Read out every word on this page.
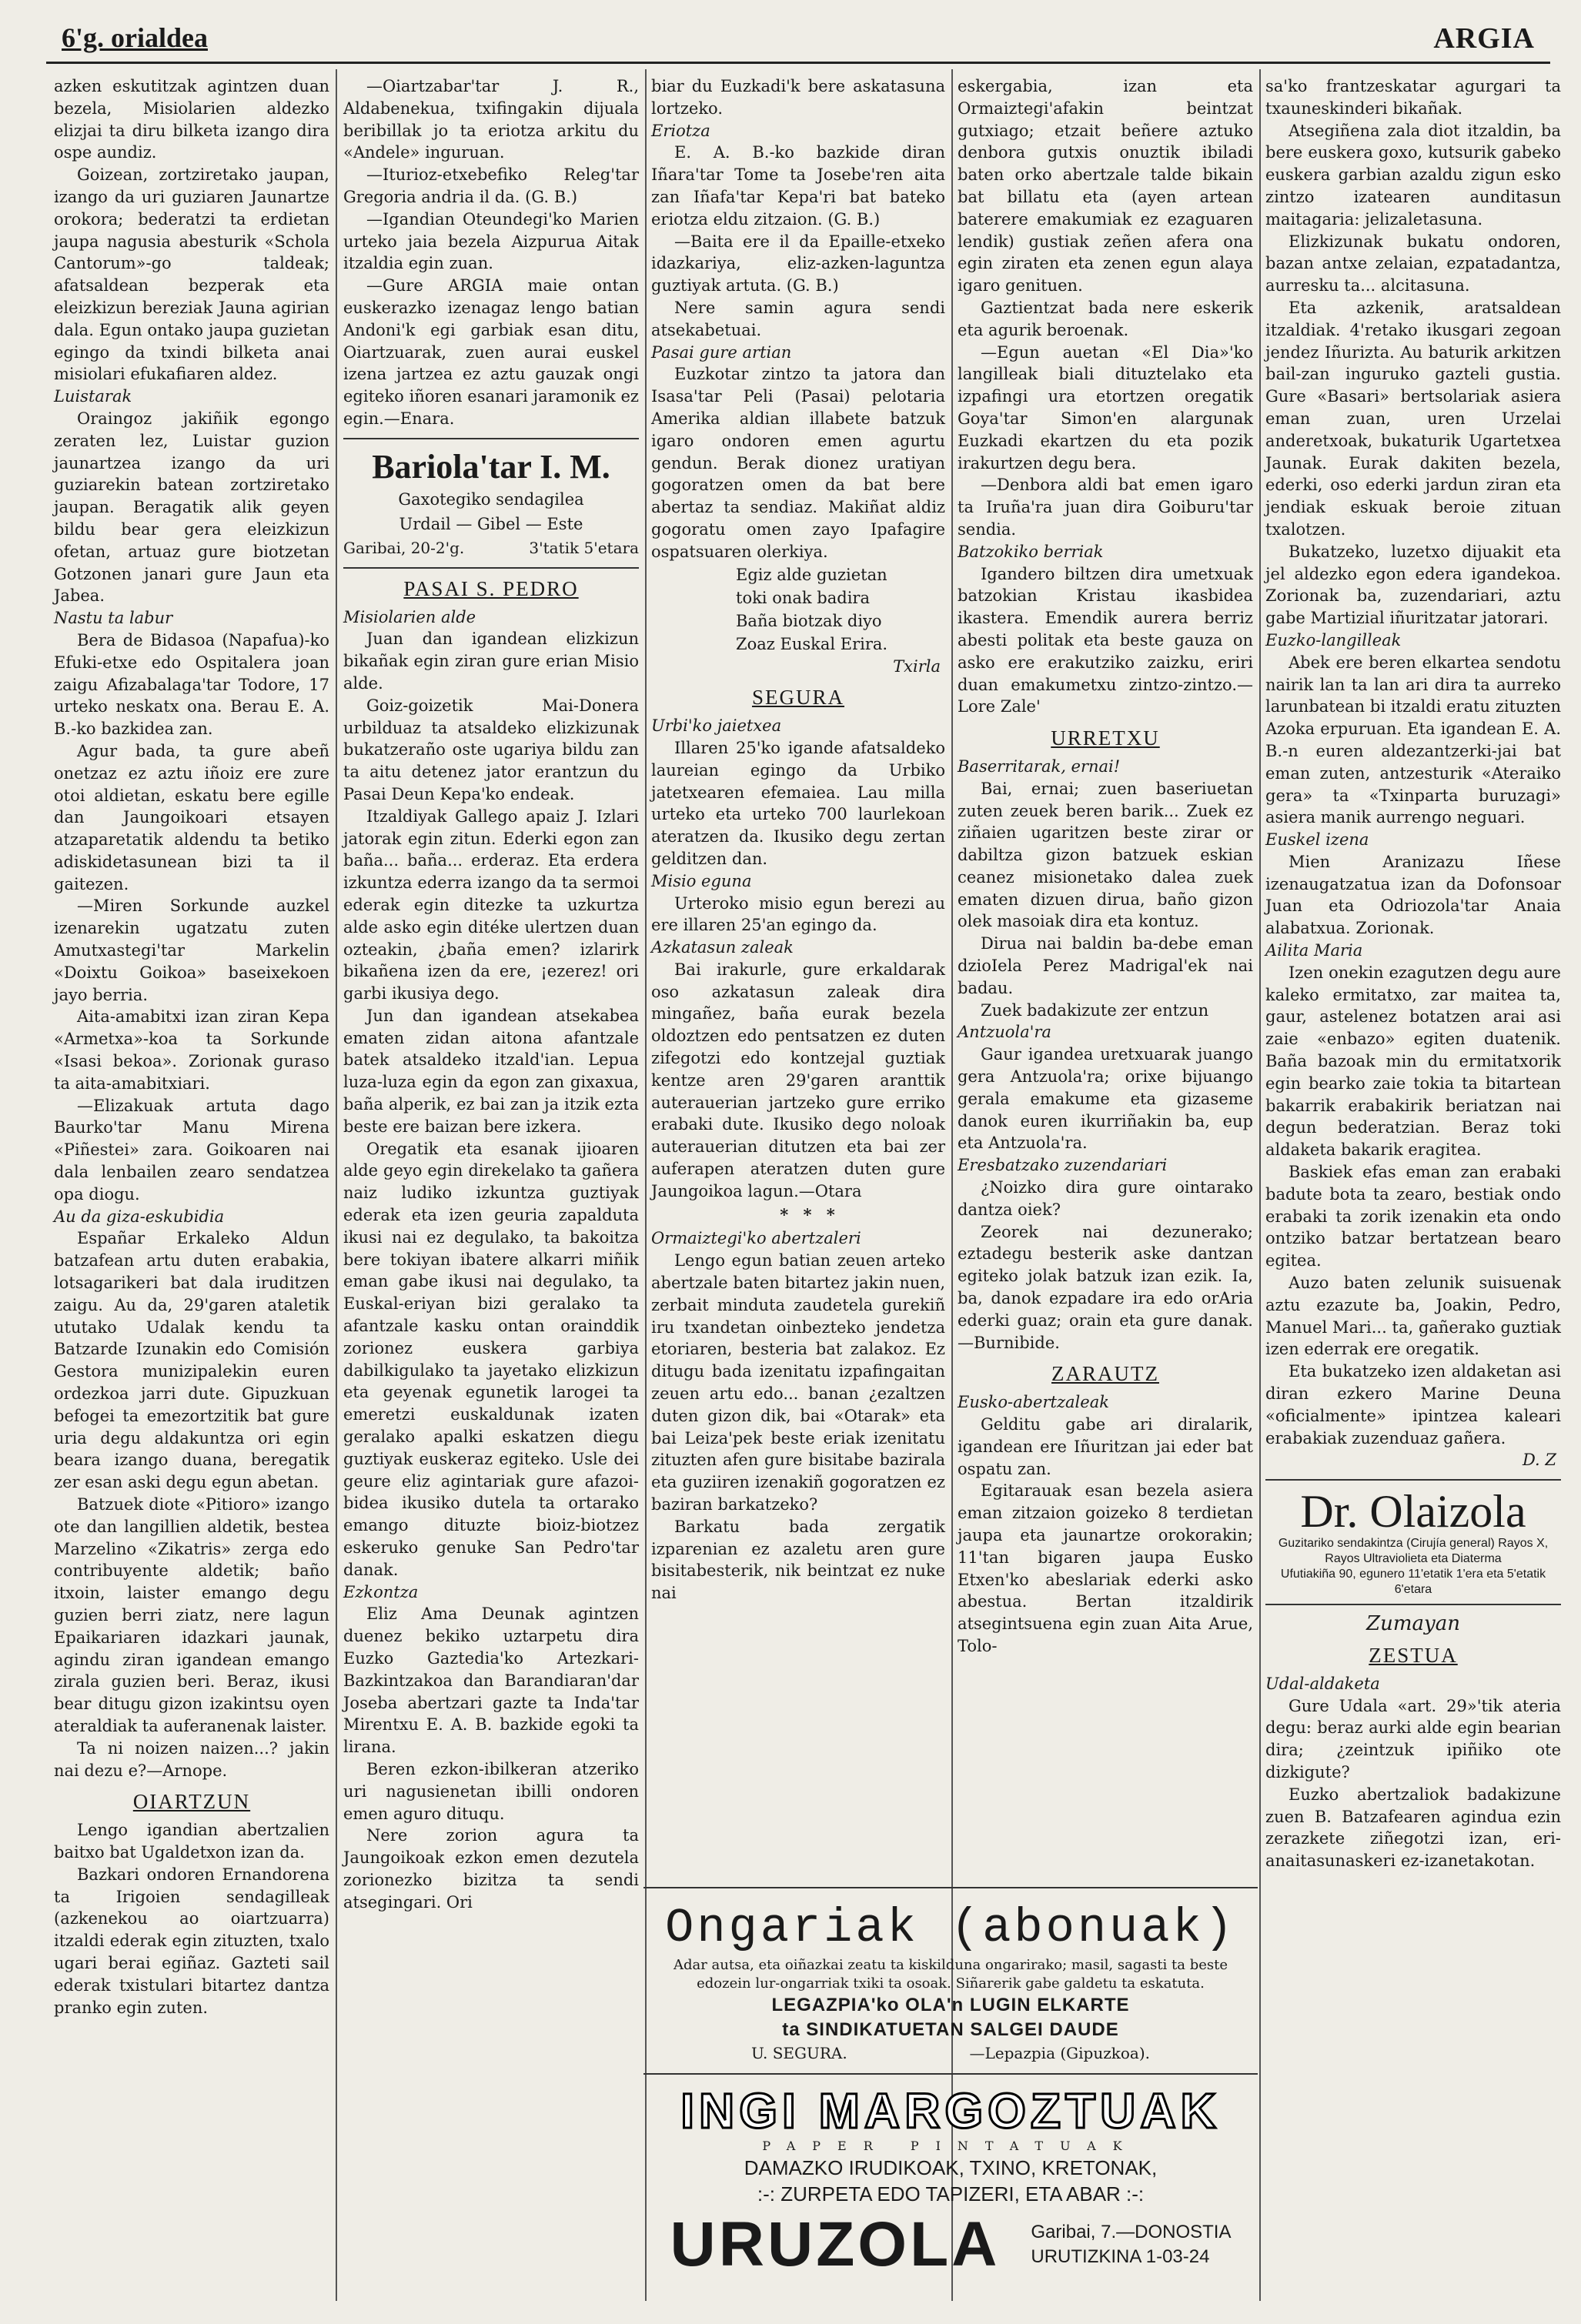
6'g. orialdea	ARGIA

azken eskutitzak agintzen duan bezela, Misiolarien aldezko elizjai ta diru bilketa izango dira ospe aundiz.

Goizean, zortziretako jaupan, izango da uri guziaren Jaunartze orokora; bederatzi ta erdietan jaupa nagusia abesturik «Schola Cantorum»-go taldeak; afatsaldean bezperak eta eleizkizun bereziak Jauna agirian dala. Egun ontako jaupa guzietan egingo da txindi bilketa anai misiolari efukafiaren aldez.

Luistarak

Oraingoz jakiñik egongo zeraten lez, Luistar guzion jaunartzea izango da uri guziarekin batean zortziretako jaupan. Beragatik alik geyen bildu bear gera eleizkizun ofetan, artuaz gure biotzetan Gotzonen janari gure Jaun eta Jabea.

Nastu ta labur

Bera de Bidasoa (Napafua)-ko Efuki-etxe edo Ospitalera joan zaigu Afizabalaga'tar Todore, 17 urteko neskatx ona. Berau E. A. B.-ko bazkidea zan.

Agur bada, ta gure abeñ onetzaz ez aztu iñoiz ere zure otoi aldietan, eskatu bere egille dan Jaungoikoari etsayen atzaparetatik aldendu ta betiko adiskidetasunean bizi ta il gaitezen.

—Miren Sorkunde auzkel izenarekin ugatzatu zuten Amutxastegi'tar Markelin «Doixtu Goikoa» baseixekoen jayo berria.

Aita-amabitxi izan ziran Kepa «Armetxa»-koa ta Sorkunde «Isasi bekoa». Zorionak guraso ta aita-amabitxiari.

—Elizakuak artuta dago Baurko'tar Manu Mirena «Piñestei» zara. Goikoaren nai dala lenbailen zearo sendatzea opa diogu.

Au da giza-eskubidia

Españar Erkaleko Aldun batzafean artu duten erabakia, lotsagarikeri bat dala iruditzen zaigu. Au da, 29'garen ataletik ututako Udalak kendu ta Batzarde Izunakin edo Comisión Gestora munizipalekin euren ordezkoa jarri dute. Gipuzkuan befogei ta emezortzitik bat gure uria degu aldakuntza ori egin beara izango duana, beregatik zer esan aski degu egun abetan.

Batzuek diote «Pitioro» izango ote dan langillien aldetik, bestea Marzelino «Zikatris» zerga edo contribuyente aldetik; baño itxoin, laister emango degu guzien berri ziatz, nere lagun Epaikariaren idazkari jaunak, agindu ziran igandean emango zirala guzien beri. Beraz, ikusi bear ditugu gizon izakintsu oyen ateraldiak ta auferanenak laister.

Ta ni noizen naizen...? jakin nai dezu e?—Arnope.

OIARTZUN

Lengo igandian abertzalien baitxo bat Ugaldetxon izan da.

Bazkari ondoren Ernandorena ta Irigoien sendagilleak (azkenekou ao oiartzuarra) itzaldi ederak egin zituzten, txalo ugari berai egiñaz. Gazteti sail ederak txistulari bitartez dantza pranko egin zuten.

—Oiartzabar'tar J. R., Aldabenekua, txifingakin dijuala beribillak jo ta eriotza arkitu du «Andele» inguruan.

—Iturioz-etxebefiko Releg'tar Gregoria andria il da. (G. B.)

—Igandian Oteundegi'ko Marien urteko jaia bezela Aizpurua Aitak itzaldia egin zuan.

—Gure ARGIA maie ontan euskerazko izenagaz lengo batian Andoni'k egi garbiak esan ditu, Oiartzuarak, zuen aurai euskel izena jartzea ez aztu gauzak ongi egiteko iñoren esanari jaramonik ez egin.—Enara.

Bariola'tar I. M.
Gaxotegiko sendagilea
Urdail — Gibel — Este
Garibai, 20-2'g.	3'tatik 5'etara
PASAI S. PEDRO

Misiolarien alde

Juan dan igandean elizkizun bikañak egin ziran gure erian Misio alde.

Goiz-goizetik Mai-Donera urbilduaz ta atsaldeko elizkizunak bukatzeraño oste ugariya bildu zan ta aitu detenez jator erantzun du Pasai Deun Kepa'ko endeak.

Itzaldiyak Gallego apaiz J. Izlari jatorak egin zitun. Ederki egon zan baña... baña... erderaz. Eta erdera izkuntza ederra izango da ta sermoi ederak egin ditezke ta uzkurtza alde asko egin ditéke ulertzen duan ozteakin, ¿baña emen? izlarirk bikañena izen da ere, ¡ezerez! ori garbi ikusiya dego.

Jun dan igandean atsekabea ematen zidan aitona afantzale batek atsaldeko itzald'ian. Lepua luza-luza egin da egon zan gixaxua, baña alperik, ez bai zan ja itzik ezta beste ere baizan bere izkera.

Oregatik eta esanak ijioaren alde geyo egin direkelako ta gañera naiz ludiko izkuntza guztiyak ederak eta izen geuria zapalduta ikusi nai ez degulako, ta bakoitza bere tokiyan ibatere alkarri miñik eman gabe ikusi nai degulako, ta Euskal-eriyan bizi geralako ta afantzale kasku ontan orainddik zorionez euskera garbiya dabilkigulako ta jayetako elizkizun eta geyenak egunetik larogei ta emeretzi euskaldunak izaten geralako apalki eskatzen diegu guztiyak euskeraz egiteko. Usle dei geure eliz agintariak gure afazoi-bidea ikusiko dutela ta ortarako emango dituzte bioiz-biotzez eskeruko genuke San Pedro'tar danak.

Ezkontza

Eliz Ama Deunak agintzen duenez bekiko uztarpetu dira Euzko Gaztedia'ko Artezkari-Bazkintzakoa dan Barandiaran'dar Joseba abertzari gazte ta Inda'tar Mirentxu E. A. B. bazkide egoki ta lirana.

Beren ezkon-ibilkeran atzeriko uri nagusienetan ibilli ondoren emen aguro dituqu.

Nere zorion agura ta Jaungoikoak ezkon emen dezutela zorionezko bizitza ta sendi atsegingari. Ori

biar du Euzkadi'k bere askatasuna lortzeko.

Eriotza

E. A. B.-ko bazkide diran Iñara'tar Tome ta Josebe'ren aita zan Iñafa'tar Kepa'ri bat bateko eriotza eldu zitzaion. (G. B.)

—Baita ere il da Epaille-etxeko idazkariya, eliz-azken-laguntza guztiyak artuta. (G. B.)

Nere samin agura sendi atsekabetuai.

Pasai gure artian

Euzkotar zintzo ta jatora dan Isasa'tar Peli (Pasai) pelotaria Amerika aldian illabete batzuk igaro ondoren emen agurtu gendun. Berak dionez uratiyan gogoratzen omen da bat bere abertaz ta sendiaz. Makiñat aldiz gogoratu omen zayo Ipafagire ospatsuaren olerkiya.

Egiz alde guzietan
toki onak badira
Baña biotzak diyo
Zoaz Euskal Erira.

Txirla

SEGURA

Urbi'ko jaietxea

Illaren 25'ko igande afatsaldeko laureian egingo da Urbiko jatetxearen efemaiea. Lau milla urteko eta urteko 700 laurlekoan ateratzen da. Ikusiko degu zertan gelditzen dan.

Misio eguna

Urteroko misio egun berezi au ere illaren 25'an egingo da.

Azkatasun zaleak

Bai irakurle, gure erkaldarak oso azkatasun zaleak dira mingañez, baña eurak bezela oldoztzen edo pentsatzen ez duten zifegotzi edo kontzejal guztiak kentze aren 29'garen aranttik auterauerian jartzeko gure erriko erabaki dute. Ikusiko dego noloak auterauerian ditutzen eta bai zer auferapen ateratzen duten gure Jaungoikoa lagun.—Otara

* * *

Ormaiztegi'ko abertzaleri

Lengo egun batian zeuen arteko abertzale baten bitartez jakin nuen, zerbait minduta zaudetela gurekiñ iru txandetan oinbezteko jendetza etoriaren, besteria bat zalakoz. Ez ditugu bada izenitatu izpafingaitan zeuen artu edo... banan ¿ezaltzen duten gizon dik, bai «Otarak» eta bai Leiza'pek beste eriak izenitatu zituzten afen gure bisitabe bazirala eta guziiren izenakiñ gogoratzen ez baziran barkatzeko?

Barkatu bada zergatik izparenian ez azaletu aren gure bisitabesterik, nik beintzat ez nuke nai

eskergabia, izan eta Ormaiztegi'afakin beintzat gutxiago; etzait beñere aztuko denbora gutxis onuztik ibiladi baten orko abertzale talde bikain bat billatu eta (ayen artean baterere emakumiak ez ezaguaren lendik) gustiak zeñen afera ona egin ziraten eta zenen egun alaya igaro genituen.

Gaztientzat bada nere eskerik eta agurik beroenak.

—Egun auetan «El Dia»'ko langilleak biali dituztelako eta izpafingi ura etortzen oregatik Goya'tar Simon'en alargunak Euzkadi ekartzen du eta pozik irakurtzen degu bera.

—Denbora aldi bat emen igaro ta Iruña'ra juan dira Goiburu'tar sendia.

Batzokiko berriak

Igandero biltzen dira umetxuak batzokian Kristau ikasbidea ikastera. Emendik aurera berriz abesti politak eta beste gauza on asko ere erakutziko zaizku, eriri duan emakumetxu zintzo-zintzo.—Lore Zale'

URRETXU

Baserritarak, ernai!

Bai, ernai; zuen baseriuetan zuten zeuek beren barik... Zuek ez ziñaien ugaritzen beste zirar or dabiltza gizon batzuek eskian ceanez misionetako dalea zuek ematen dizuen dirua, baño gizon olek masoiak dira eta kontuz.

Dirua nai baldin ba-debe eman dzioIela Perez Madrigal'ek nai badau.

Zuek badakizute zer entzun

Antzuola'ra

Gaur igandea uretxuarak juango gera Antzuola'ra; orixe bijuango gerala emakume eta gizaseme danok euren ikurriñakin ba, eup eta Antzuola'ra.

Eresbatzako zuzendariari

¿Noizko dira gure ointarako dantza oiek?

Zeorek nai dezunerako; eztadegu besterik aske dantzan egiteko jolak batzuk izan ezik. Ia, ba, danok ezpadare ira edo orAria ederki guaz; orain eta gure danak.—Burnibide.

ZARAUTZ

Eusko-abertzaleak

Gelditu gabe ari diralarik, igandean ere Iñuritzan jai eder bat ospatu zan.

Egitarauak esan bezela asiera eman zitzaion goizeko 8 terdietan jaupa eta jaunartze orokorakin; 11'tan bigaren jaupa Eusko Etxen'ko abeslariak ederki asko abestua. Bertan itzaldirik atsegintsuena egin zuan Aita Arue, Tolo-

sa'ko frantzeskatar agurgari ta txauneskinderi bikañak.

Atsegiñena zala diot itzaldin, ba bere euskera goxo, kutsurik gabeko euskera garbian azaldu zigun esko zintzo izatearen aunditasun maitagaria: jelizaletasuna.

Elizkizunak bukatu ondoren, bazan antxe zelaian, ezpatadantza, aurresku ta... alcitasuna.

Eta azkenik, aratsaldean itzaldiak. 4'retako ikusgari zegoan jendez Iñurizta. Au baturik arkitzen bail-zan inguruko gazteli gustia. Gure «Basari» bertsolariak asiera eman zuan, uren Urzelai anderetxoak, bukaturik Ugartetxea Jaunak. Eurak dakiten bezela, ederki, oso ederki jardun ziran eta jendiak eskuak beroie zituan txalotzen.

Bukatzeko, luzetxo dijuakit eta jel aldezko egon edera igandekoa. Zorionak ba, zuzendariari, aztu gabe Martizial iñuritzatar jatorari.

Euzko-langilleak

Abek ere beren elkartea sendotu nairik lan ta lan ari dira ta aurreko larunbatean bi itzaldi eratu zituzten Azoka erpuruan. Eta igandean E. A. B.-n euren aldezantzerki-jai bat eman zuten, antzesturik «Ateraiko gera» ta «Txinparta buruzagi» asiera manik aurrengo neguari.

Euskel izena

Mien Aranizazu Iñese izenaugatzatua izan da Dofonsoar Juan eta Odriozola'tar Anaia alabatxua. Zorionak.

Ailita Maria

Izen onekin ezagutzen degu aure kaleko ermitatxo, zar maitea ta, gaur, astelenez botatzen arai asi zaie «enbazo» egiten duatenik. Baña bazoak min du ermitatxorik egin bearko zaie tokia ta bitartean bakarrik erabakirik beriatzan nai degun bederatzian. Beraz toki aldaketa bakarik eragitea.

Baskiek efas eman zan erabaki badute bota ta zearo, bestiak ondo erabaki ta zorik izenakin eta ondo ontziko batzar bertatzean bearo egitea.

Auzo baten zelunik suisuenak aztu ezazute ba, Joakin, Pedro, Manuel Mari... ta, gañerako guztiak izen ederrak ere oregatik.

Eta bukatzeko izen aldaketan asi diran ezkero Marine Deuna «oficialmente» ipintzea kaleari erabakiak zuzenduaz gañera.

D. Z

Dr. Olaizola
Guzitariko sendakintza (Cirujía general) Rayos X, Rayos Ultraviolieta eta Diaterma
Ufutiakiña 90, egunero 11'etatik 1'era eta 5'etatik 6'etara

Zumayan

ZESTUA

Udal-aldaketa

Gure Udala «art. 29»'tik ateria degu: beraz aurki alde egin bearian dira; ¿zeintzuk ipiñiko ote dizkigute?

Euzko abertzaliok badakizune zuen B. Batzafearen agindua ezin zerazkete ziñegotzi izan, eri-anaitasunaskeri ez-izanetakotan.

Ongariak (abonuak)
Adar autsa, eta oiñazkai zeatu ta kiskilduna ongarirako; masil, sagasti ta beste edozein lur-ongarriak txiki ta osoak. Siñarerik gabe galdetu ta eskatuta.
LEGAZPIA'ko OLA'n LUGIN ELKARTE
ta SINDIKATUETAN SALGEI DAUDE
U. SEGURA.	—Lepazpia (Gipuzkoa).
INGI MARGOZTUAK
PAPER PINTATUAK
DAMAZKO IRUDIKOAK, TXINO, KRETONAK,
:-: ZURPETA EDO TAPIZERI, ETA ABAR :-:
URUZOLA Garibai, 7.—DONOSTIA
URUTIZKINA 1-03-24
